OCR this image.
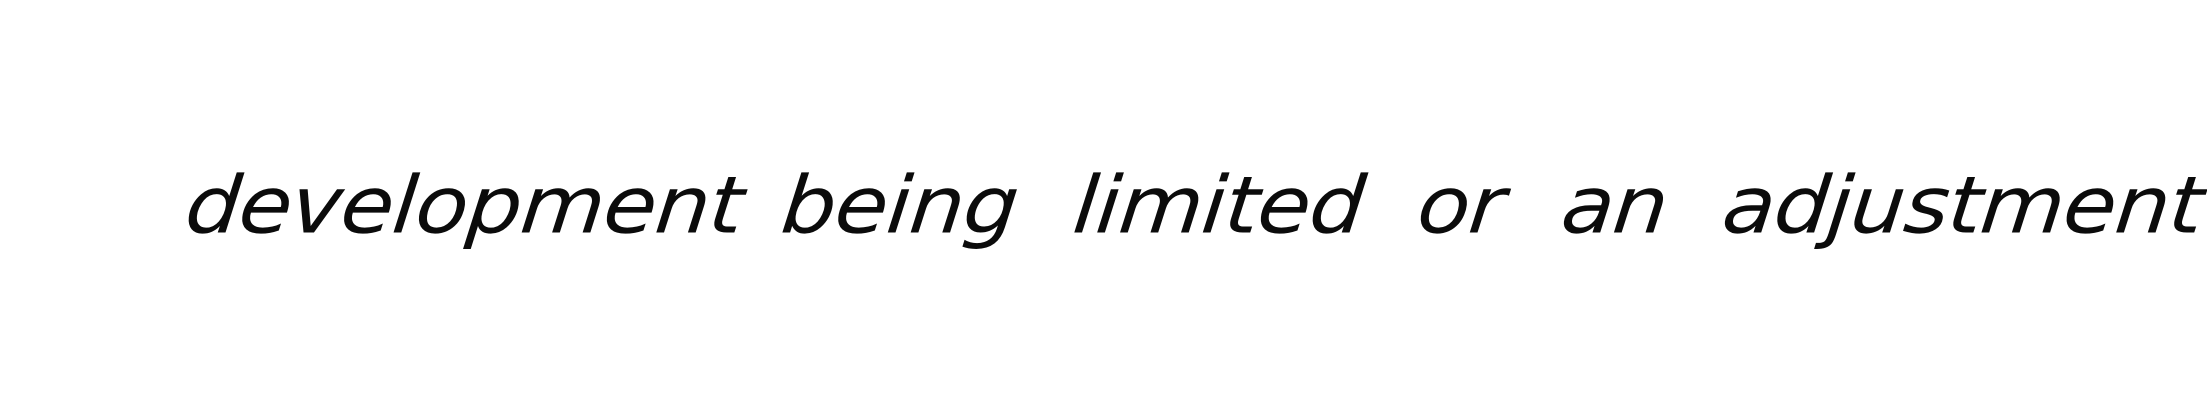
development being limited or an adjustment
